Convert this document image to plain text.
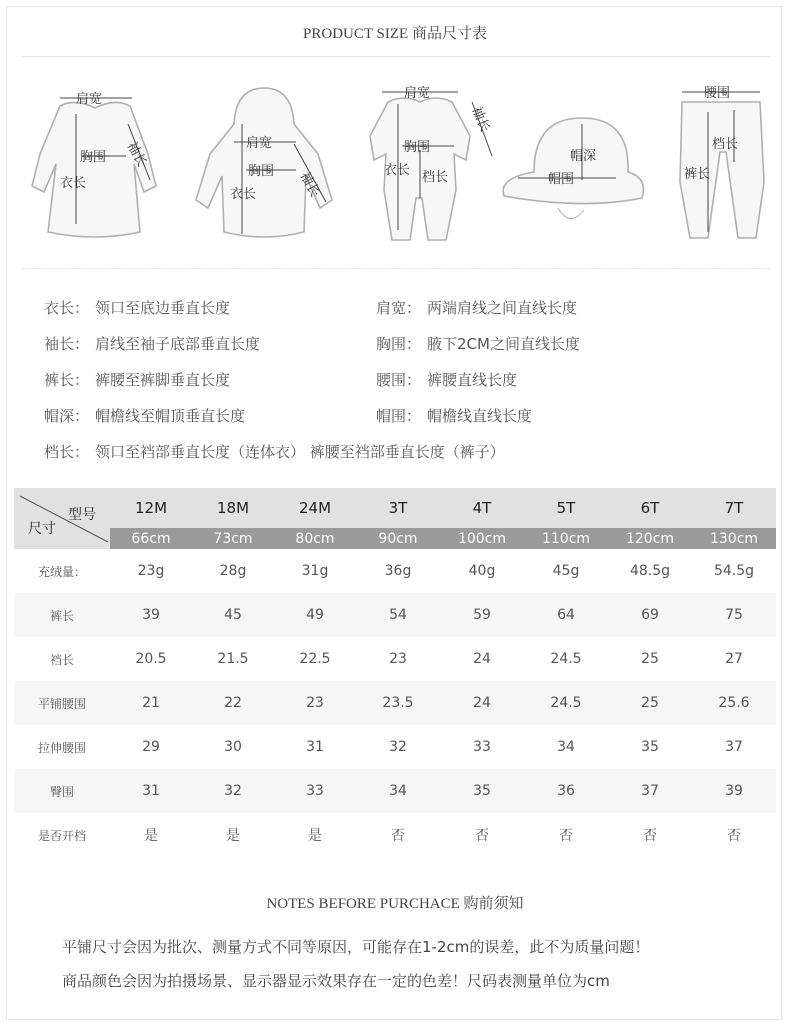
PRODUCT SIZE 商品尺寸表
肩宽
胸围
衣长
袖长	肩宽
胸围
衣长	袖长
肩宽
胸围
衣长 档长
袖长
帽深
帽围
腰围
档长
裤长
衣长： 领口至底边垂直长度	肩宽： 两端肩线之间直线长度
袖长： 肩线至袖子底部垂直长度	胸围： 腋下2CM之间直线长度
裤长： 裤腰至裤脚垂直长度	腰围： 裤腰直线长度
帽深： 帽檐线至帽顶垂直长度	帽围： 帽檐线直线长度
档长： 领口至裆部垂直长度（连体衣） 裤腰至裆部垂直长度（裤子）
型号
尺寸	12M	18M	24M	3T	4T	5T	6T	7T
	66cm	73cm	80cm	90cm	100cm	110cm	120cm	130cm
充绒量：	23g	28g	31g	36g	40g	45g	48.5g	54.5g
裤长	39	45	49	54	59	64	69	75
裆长	20.5	21.5	22.5	23	24	24.5	25	27
平铺腰围	21	22	23	23.5	24	24.5	25	25.6
拉伸腰围	29	30	31	32	33	34	35	37
臀围	31	32	33	34	35	36	37	39
是否开档	是	是	是	否	否	否	否	否
NOTES BEFORE PURCHACE 购前须知
平铺尺寸会因为批次、测量方式不同等原因，可能存在1-2cm的误差，此不为质量问题！
商品颜色会因为拍摄场景、显示器显示效果存在一定的色差！尺码表测量单位为cm
